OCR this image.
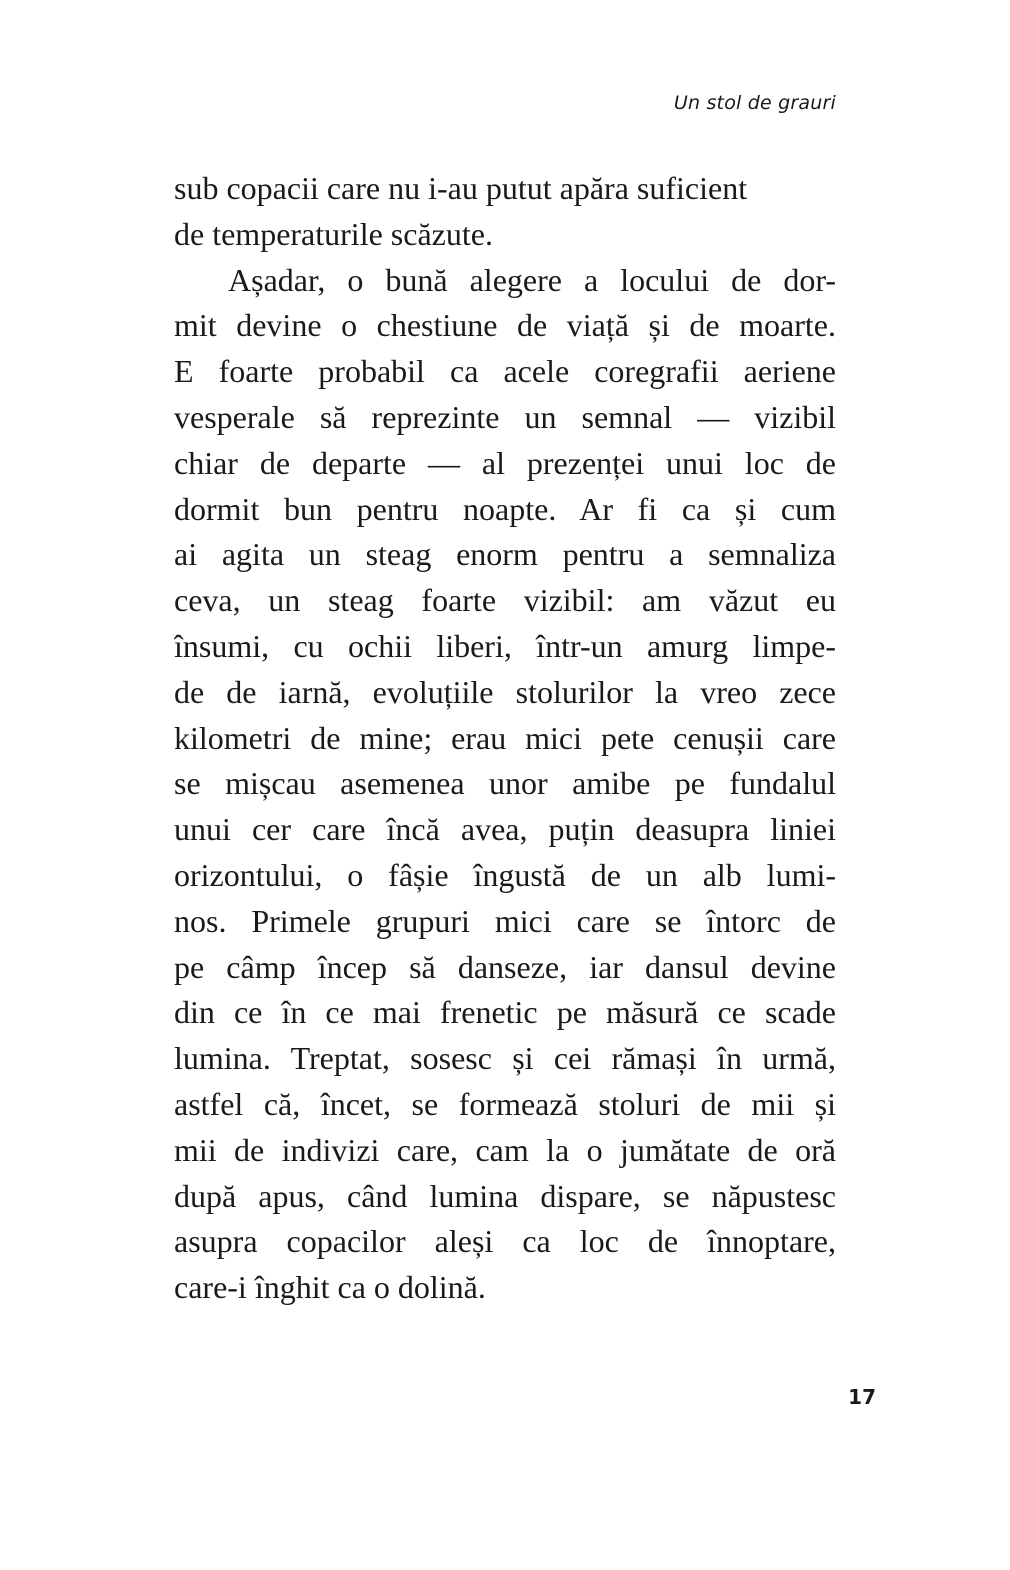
Un stol de grauri
sub copacii care nu i-au putut apăra suficient
de temperaturile scăzute.
Așadar, o bună alegere a locului de dor-
mit devine o chestiune de viață și de moarte.
E foarte probabil ca acele coregrafii aeriene
vesperale să reprezinte un semnal — vizibil
chiar de departe — al prezenței unui loc de
dormit bun pentru noapte. Ar fi ca și cum
ai agita un steag enorm pentru a semnaliza
ceva, un steag foarte vizibil: am văzut eu
însumi, cu ochii liberi, într-un amurg limpe-
de de iarnă, evoluțiile stolurilor la vreo zece
kilometri de mine; erau mici pete cenușii care
se mișcau asemenea unor amibe pe fundalul
unui cer care încă avea, puțin deasupra liniei
orizontului, o fâșie îngustă de un alb lumi-
nos. Primele grupuri mici care se întorc de
pe câmp încep să danseze, iar dansul devine
din ce în ce mai frenetic pe măsură ce scade
lumina. Treptat, sosesc și cei rămași în urmă,
astfel că, încet, se formează stoluri de mii și
mii de indivizi care, cam la o jumătate de oră
după apus, când lumina dispare, se năpustesc
asupra copacilor aleși ca loc de înnoptare,
care-i înghit ca o dolină.
17
